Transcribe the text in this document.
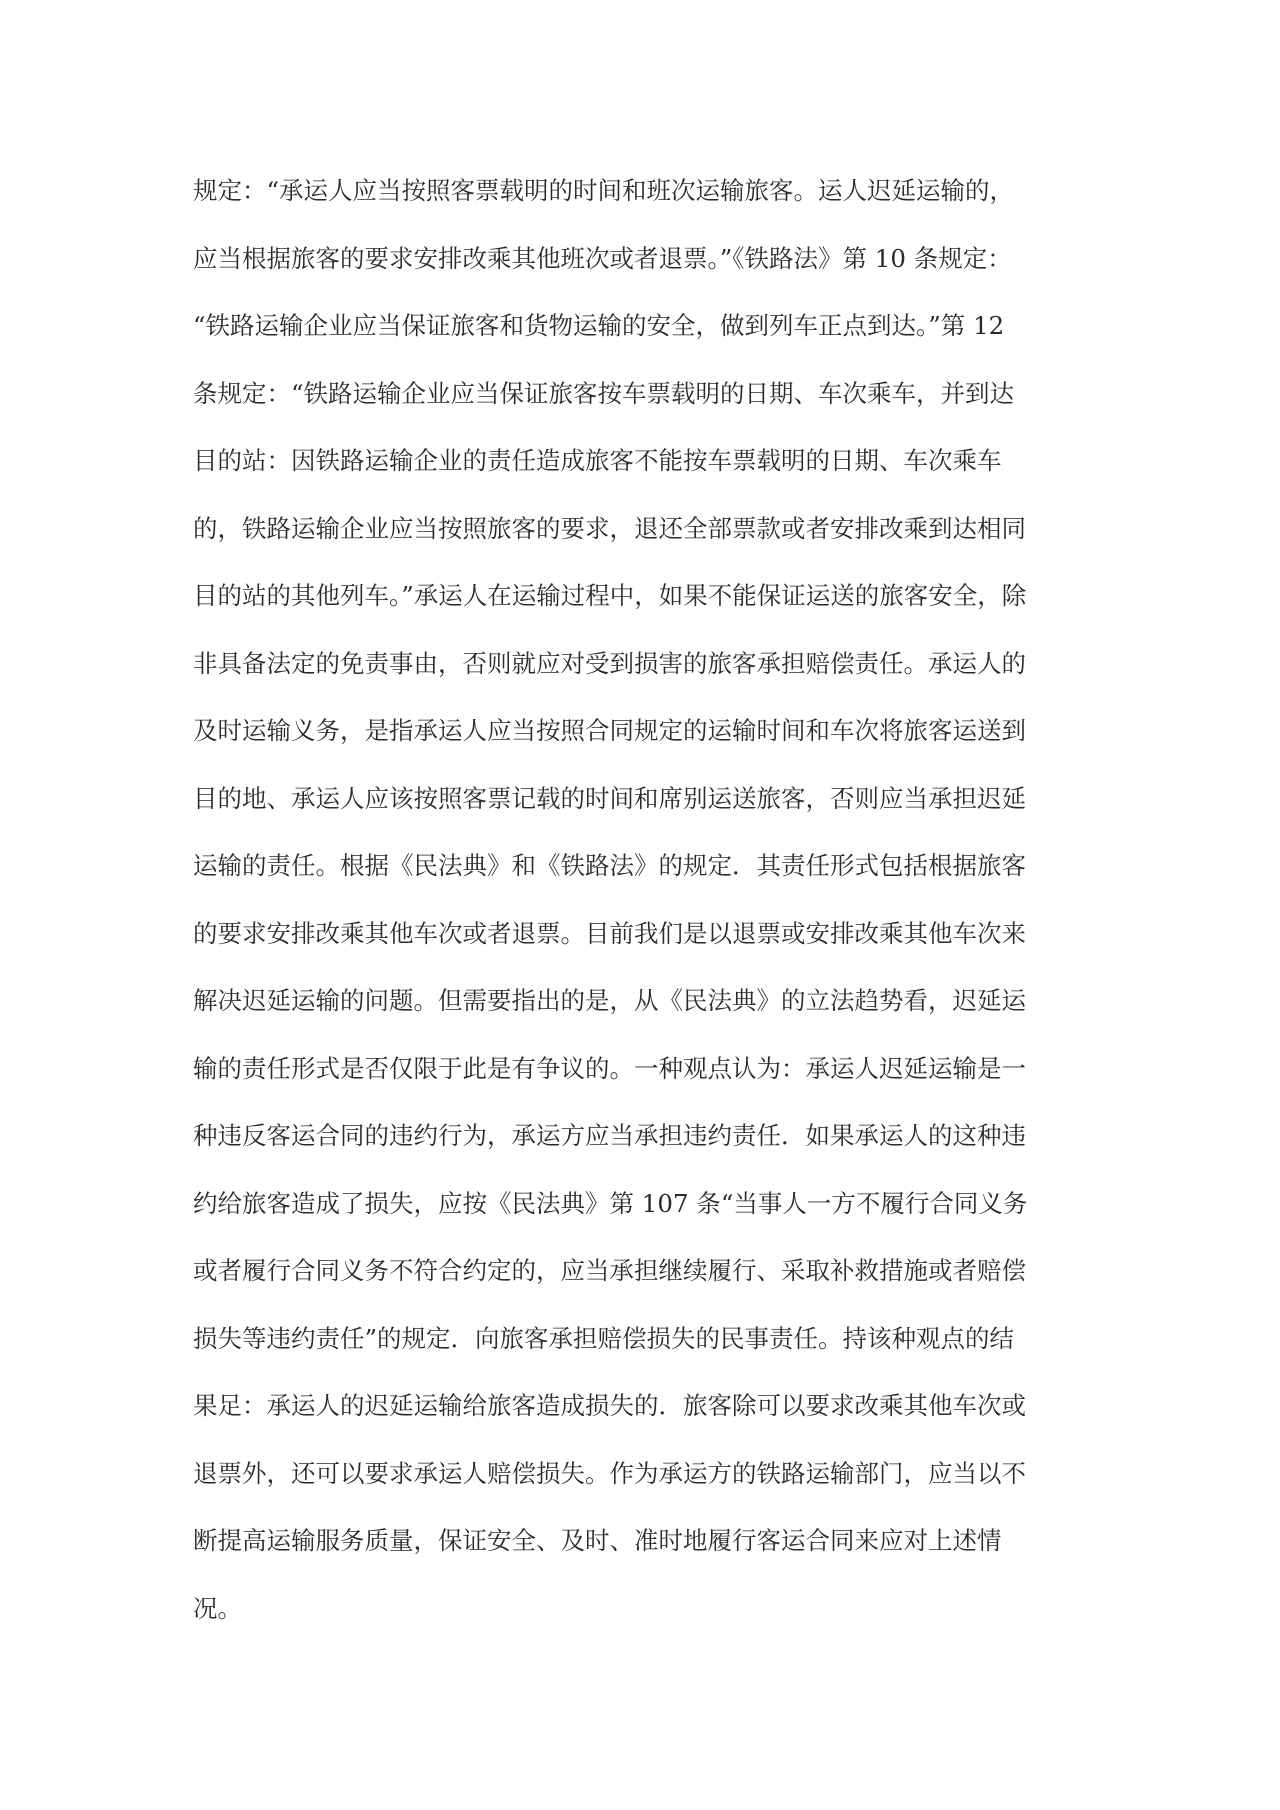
规定：“承运人应当按照客票载明的时间和班次运输旅客。运人迟延运输的，
应当根据旅客的要求安排改乘其他班次或者退票。”《铁路法》第 10 条规定：
“铁路运输企业应当保证旅客和货物运输的安全，做到列车正点到达。”第 12
条规定：“铁路运输企业应当保证旅客按车票载明的日期、车次乘车，并到达
目的站：因铁路运输企业的责任造成旅客不能按车票载明的日期、车次乘车
的，铁路运输企业应当按照旅客的要求，退还全部票款或者安排改乘到达相同
目的站的其他列车。”承运人在运输过程中，如果不能保证运送的旅客安全，除
非具备法定的免责事由，否则就应对受到损害的旅客承担赔偿责任。承运人的
及时运输义务，是指承运人应当按照合同规定的运输时间和车次将旅客运送到
目的地、承运人应该按照客票记载的时间和席别运送旅客，否则应当承担迟延
运输的责任。根据《民法典》和《铁路法》的规定．其责任形式包括根据旅客
的要求安排改乘其他车次或者退票。目前我们是以退票或安排改乘其他车次来
解决迟延运输的问题。但需要指出的是，从《民法典》的立法趋势看，迟延运
输的责任形式是否仅限于此是有争议的。一种观点认为：承运人迟延运输是一
种违反客运合同的违约行为，承运方应当承担违约责任．如果承运人的这种违
约给旅客造成了损失，应按《民法典》第 107 条“当事人一方不履行合同义务
或者履行合同义务不符合约定的，应当承担继续履行、采取补救措施或者赔偿
损失等违约责任”的规定．向旅客承担赔偿损失的民事责任。持该种观点的结
果足：承运人的迟延运输给旅客造成损失的．旅客除可以要求改乘其他车次或
退票外，还可以要求承运人赔偿损失。作为承运方的铁路运输部门，应当以不
断提高运输服务质量，保证安全、及时、准时地履行客运合同来应对上述情
况。
